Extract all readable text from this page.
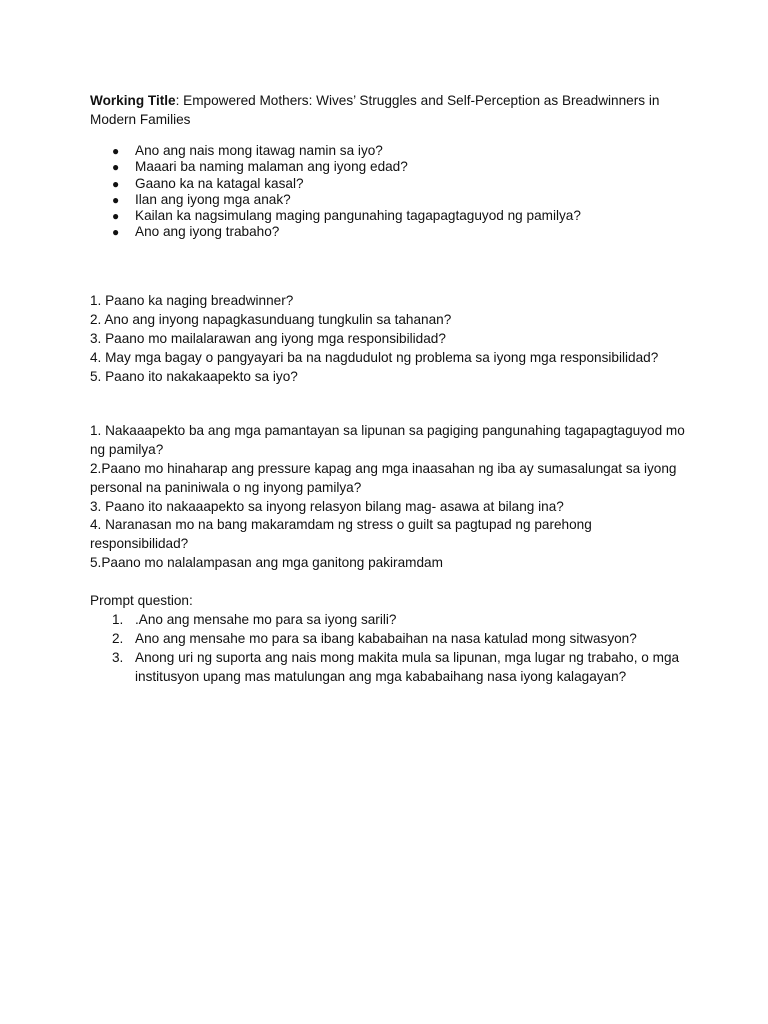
Working Title: Empowered Mothers: Wives’ Struggles and Self-Perception as Breadwinners in Modern Families

● Ano ang nais mong itawag namin sa iyo?
● Maaari ba naming malaman ang iyong edad?
● Gaano ka na katagal kasal?
● Ilan ang iyong mga anak?
● Kailan ka nagsimulang maging pangunahing tagapagtaguyod ng pamilya?
● Ano ang iyong trabaho?

1. Paano ka naging breadwinner?

2. Ano ang inyong napagkasunduang tungkulin sa tahanan?

3. Paano mo mailalarawan ang iyong mga responsibilidad?

4. May mga bagay o pangyayari ba na nagdudulot ng problema sa iyong mga responsibilidad?

5. Paano ito nakakaapekto sa iyo?

1. Nakaaapekto ba ang mga pamantayan sa lipunan sa pagiging pangunahing tagapagtaguyod mo ng pamilya?

2.Paano mo hinaharap ang pressure kapag ang mga inaasahan ng iba ay sumasalungat sa iyong personal na paniniwala o ng inyong pamilya?

3. Paano ito nakaaapekto sa inyong relasyon bilang mag- asawa at bilang ina?

4. Naranasan mo na bang makaramdam ng stress o guilt sa pagtupad ng parehong responsibilidad?

5.Paano mo nalalampasan ang mga ganitong pakiramdam

Prompt question:

1. .Ano ang mensahe mo para sa iyong sarili?
2. Ano ang mensahe mo para sa ibang kababaihan na nasa katulad mong sitwasyon?
3. Anong uri ng suporta ang nais mong makita mula sa lipunan, mga lugar ng trabaho, o mga institusyon upang mas matulungan ang mga kababaihang nasa iyong kalagayan?
